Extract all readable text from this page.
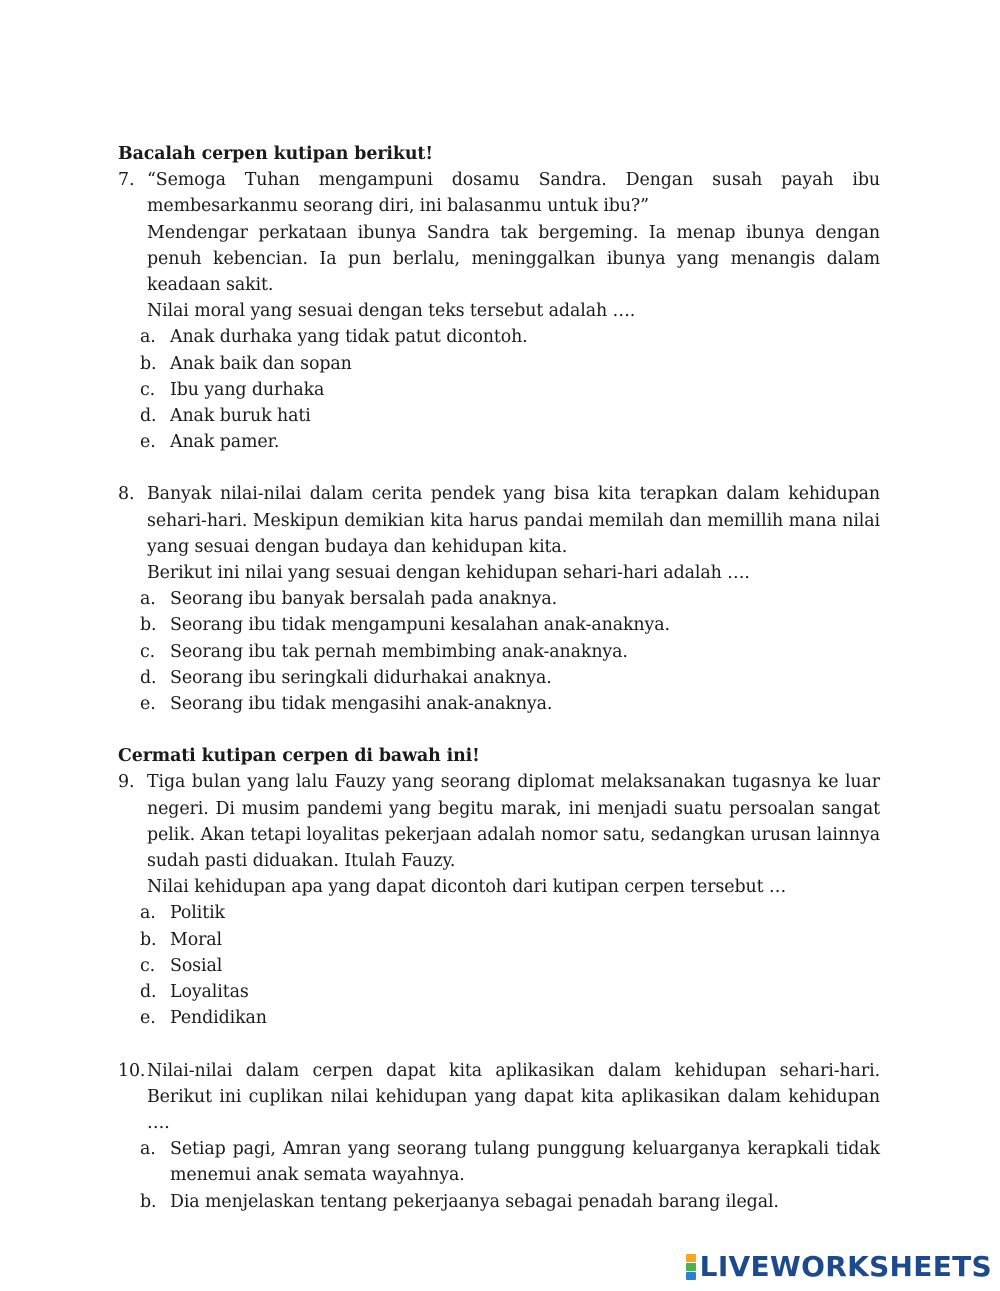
Bacalah cerpen kutipan berikut!

7. “Semoga Tuhan mengampuni dosamu Sandra. Dengan susah payah ibu membesarkanmu seorang diri, ini balasanmu untuk ibu?”

Mendengar perkataan ibunya Sandra tak bergeming. Ia menap ibunya dengan penuh kebencian. Ia pun berlalu, meninggalkan ibunya yang menangis dalam keadaan sakit.

Nilai moral yang sesuai dengan teks tersebut adalah ….

a. Anak durhaka yang tidak patut dicontoh.
b. Anak baik dan sopan
c. Ibu yang durhaka
d. Anak buruk hati
e. Anak pamer.
8. Banyak nilai-nilai dalam cerita pendek yang bisa kita terapkan dalam kehidupan sehari-hari. Meskipun demikian kita harus pandai memilah dan memillih mana nilai yang sesuai dengan budaya dan kehidupan kita.

Berikut ini nilai yang sesuai dengan kehidupan sehari-hari adalah ….

a. Seorang ibu banyak bersalah pada anaknya.
b. Seorang ibu tidak mengampuni kesalahan anak-anaknya.
c. Seorang ibu tak pernah membimbing anak-anaknya.
d. Seorang ibu seringkali didurhakai anaknya.
e. Seorang ibu tidak mengasihi anak-anaknya.

Cermati kutipan cerpen di bawah ini!

9. Tiga bulan yang lalu Fauzy yang seorang diplomat melaksanakan tugasnya ke luar negeri. Di musim pandemi yang begitu marak, ini menjadi suatu persoalan sangat pelik. Akan tetapi loyalitas pekerjaan adalah nomor satu, sedangkan urusan lainnya sudah pasti diduakan. Itulah Fauzy.

Nilai kehidupan apa yang dapat dicontoh dari kutipan cerpen tersebut …

a. Politik
b. Moral
c. Sosial
d. Loyalitas
e. Pendidikan
10. Nilai-nilai dalam cerpen dapat kita aplikasikan dalam kehidupan sehari-hari. Berikut ini cuplikan nilai kehidupan yang dapat kita aplikasikan dalam kehidupan ….

a. Setiap pagi, Amran yang seorang tulang punggung keluarganya kerapkali tidak menemui anak semata wayahnya.
b. Dia menjelaskan tentang pekerjaanya sebagai penadah barang ilegal.
LIVEWORKSHEETS
